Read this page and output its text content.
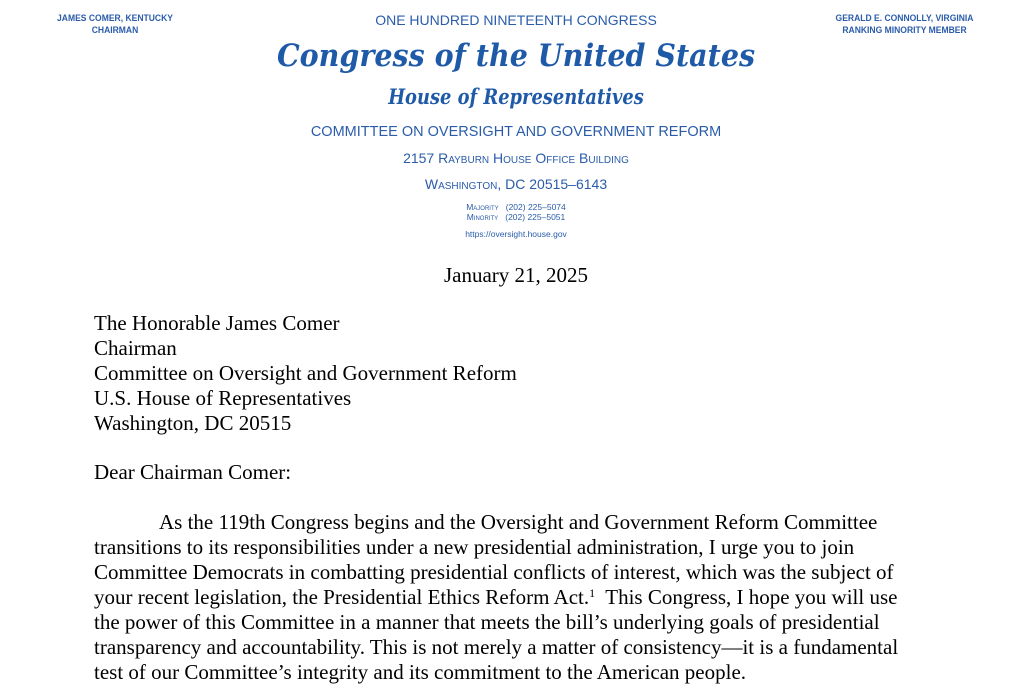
JAMES COMER, KENTUCKY
CHAIRMAN
GERALD E. CONNOLLY, VIRGINIA
RANKING MINORITY MEMBER
ONE HUNDRED NINETEENTH CONGRESS
Congress of the United States
House of Representatives
COMMITTEE ON OVERSIGHT AND GOVERNMENT REFORM
2157 Rayburn House Office Building
Washington, DC 20515–6143
Majority (202) 225–5074
Minority (202) 225–5051
https://oversight.house.gov
January 21, 2025
The Honorable James Comer
Chairman
Committee on Oversight and Government Reform
U.S. House of Representatives
Washington, DC 20515
Dear Chairman Comer:
As the 119th Congress begins and the Oversight and Government Reform Committee
transitions to its responsibilities under a new presidential administration, I urge you to join
Committee Democrats in combatting presidential conflicts of interest, which was the subject of
your recent legislation, the Presidential Ethics Reform Act.$^1$  This Congress, I hope you will use
the power of this Committee in a manner that meets the bill’s underlying goals of presidential
transparency and accountability. This is not merely a matter of consistency—it is a fundamental
test of our Committee’s integrity and its commitment to the American people.
